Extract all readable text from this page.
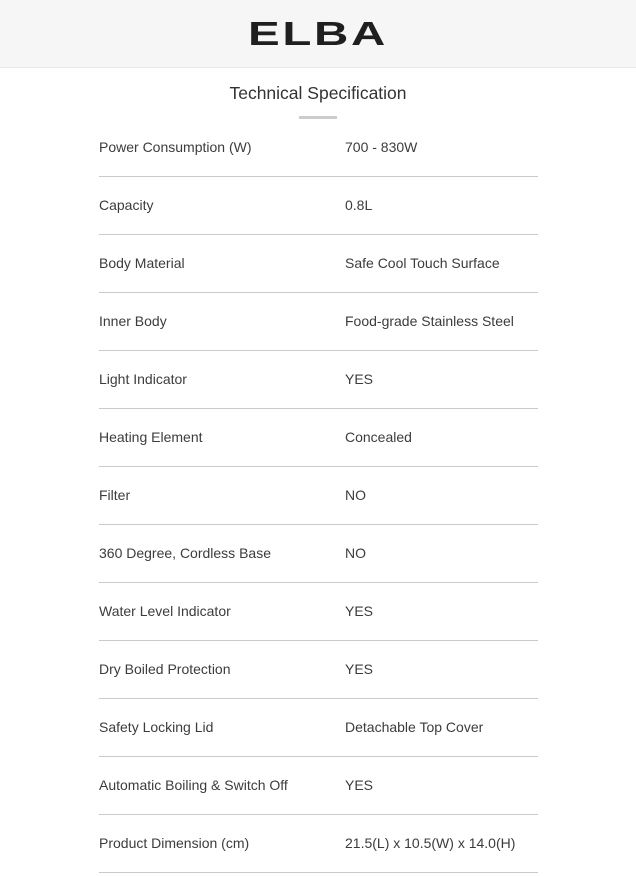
ELBA
Technical Specification
Power Consumption (W)	700 - 830W
Capacity	0.8L
Body Material	Safe Cool Touch Surface
Inner Body	Food-grade Stainless Steel
Light Indicator	YES
Heating Element	Concealed
Filter	NO
360 Degree, Cordless Base	NO
Water Level Indicator	YES
Dry Boiled Protection	YES
Safety Locking Lid	Detachable Top Cover
Automatic Boiling & Switch Off	YES
Product Dimension (cm)	21.5(L) x 10.5(W) x 14.0(H)
